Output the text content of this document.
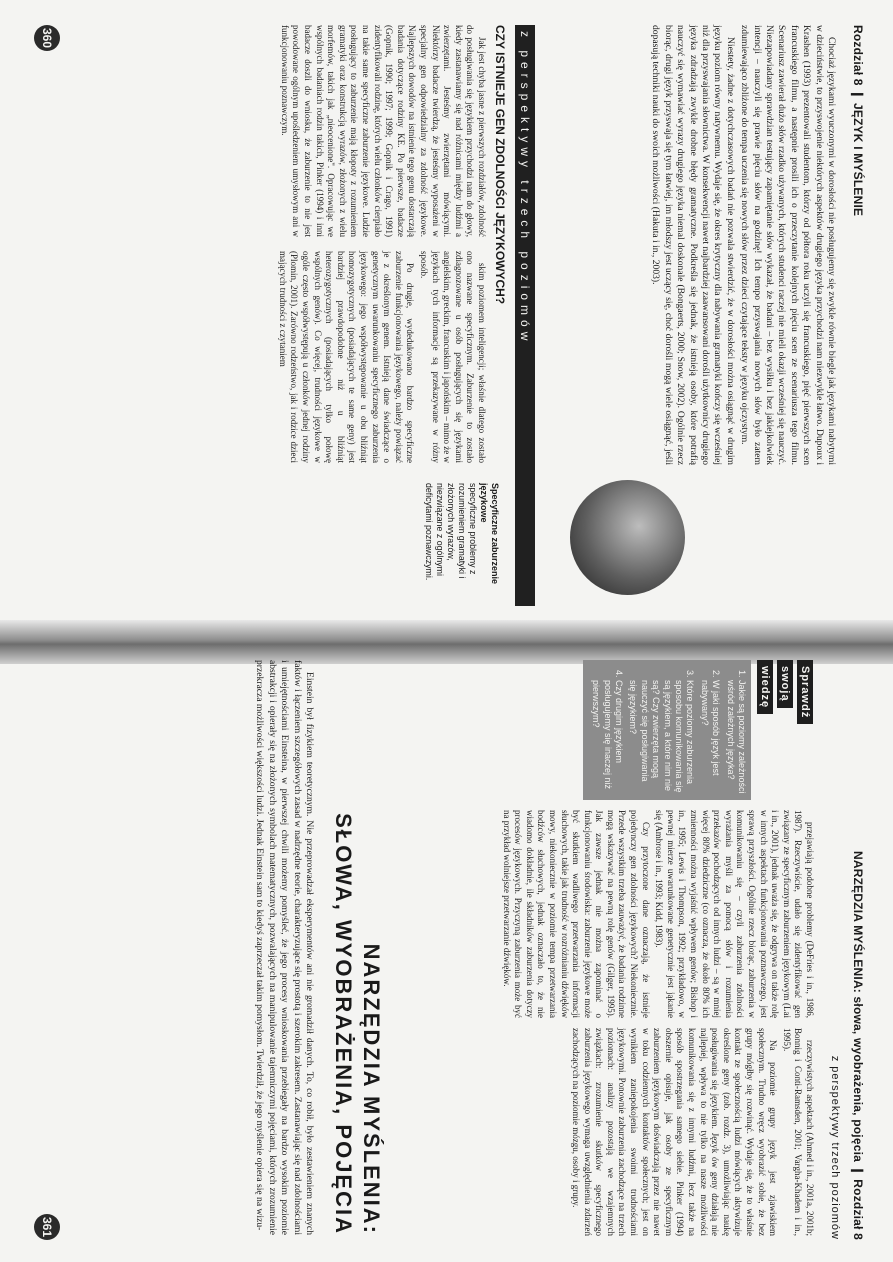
Rozdział 8 ❙ JĘZYK I MYŚLENIE

Chociaż językami wyuczonymi w dorosłości nie posługujemy się zwykle równie biegle jak językami nabytymi w dzieciństwie, to przyswojenie niektórych aspektów drugiego języka przychodzi nam niezwykle łatwo. Dupoux i Krashen (1993) prezentowali studentom, którzy od półtora roku uczyli się francuskiego, pięć pierwszych scen francuskiego filmu, a następnie prosili ich o przeczytanie kolejnych pięciu scen ze scenariusza tego filmu. Scenariusz zawierał dużo słów rzadko używanych, których studenci raczej nie mieli okazji wcześniej się nauczyć. Niezapowiadany sprawdzian testujący zapamiętanie słów wykazał, że badani – bez wysiłku i bez jakiejkolwiek intencji – nauczyli się prawie pięciu słów na godzinę! Ich tempo przyswajania nowych słów było zatem zdumiewająco zbliżone do tempa uczenia się nowych słów przez dzieci czytające teksty w języku ojczystym.

Niestety, żadne z dotychczasowych badań nie pozwala stwierdzić, że w dorosłości można osiągnąć w drugim języku poziom równy natywnemu. Wydaje się, że okres krytyczny dla nabywania gramatyki kończy się wcześniej niż dla przyswajania słownictwa. W konsekwencji nawet najbardziej zaawansowani dorośli użytkownicy drugiego języka zdradzają zwykle drobne błędy gramatyczne. Podkreśla się jednak, że istnieją osoby, które potrafią nauczyć się wymawiać wyrazy drugiego języka niemal doskonale (Bongaerts, 2000; Snow, 2002). Ogólnie rzecz biorąc, drugi język przyswaja się tym łatwiej, im młodszy jest uczący się, choć dorośli mogą wiele osiągnąć, jeśli dopasują techniki nauki do swoich możliwości (Hakuta i in., 2003).

z perspektywy trzech poziomów
CZY ISTNIEJE GEN ZDOLNOŚCI JĘZYKOWYCH?

Jak jest chyba jasne z pierwszych rozdziałów, zdolność do posługiwania się językiem przychodzi nam do głowy, kiedy zastanawiamy się nad różnicami między ludźmi a zwierzętami. Jesteśmy zwierzętami mówiącymi. Niektórzy badacze twierdzą, że jesteśmy wyposażeni w specjalny gen odpowiedzialny za zdolność językowe. Najlepszych dowodów na istnienie tego genu dostarczają badania dotyczące rodziny KE. Po pierwsze, badacze (Gopnik, 1990; 1997; 1999; Gopnik i Crago, 1991) zidentyfikowali rodzinę, których wielu członków cierpiało na takie same specyficzne zaburzenie językowe. Ludzie posługujący to zaburzenie mają kłopoty z rozumieniem gramatyki oraz konstrukcją wyrazów, złożonych z wielu morfemów, takich jak „nieocenione". Opracowując we wspólnych badaniach rodzin takich, Pinker (1994) i inni badacze doszli do wniosku, że zaburzenie to nie jest powodowane ogólnym upośledzeniem umysłowym ani w funkcjonowaniu poznawczym.

skim poziomem inteligencji; właśnie dlatego zostało ono nazwane specyficznym. Zaburzenie to zostało zdiagnozowane u osób posługujących się językami angielskim, greckim, francuskim i japońskim – mimo że w językach tych informacje są przekazywane w różny sposób.

Po drugie, wydedukowano bardzo specyficzne zaburzenie funkcjonowania językowego, należy powiązać je z określonym genem. Istnieją dane świadczące o genetycznym uwarunkowaniu specyficznego zaburzenia językowego: jego współwystępowanie u obu bliźniąt homozygotycznych (posiadających te same geny) jest bardziej prawdopodobne niż u bliźniąt heterozygotycznych (posiadających tylko połowę wspólnych genów). Co więcej, trudności językowe w ogóle często współwystępują u członków jednej rodziny (Plomin, 2001). Zarówno rodzeństwo, jak i rodzice dzieci mających trudności z czytaniem

Specyficzne zaburzenie językowe
specyficzne problemy z rozumieniem gramatyki i złożonych wyrazów, niezwiązane z ogólnymi deficytami poznawczymi.
360
NARZĘDZIA MYŚLENIA: słowa, wyobrażenia, pojęcia ❙ Rozdział 8
z perspektywy trzech poziomów
Sprawdź
swoją
wiedzę
1. Jakie są poziomy zależności wśród zależnych języka?
2. W jaki sposób język jest nabywany?
3. Które poziomy zaburzenia sposobu komunikowania się są językiem, a które nim nie są? Czy zwierzęta mogą nauczyć się posługiwania się językiem?
4. Czy drugim językiem posługujemy się inaczej niż pierwszym?

przejawiają podobne problemy (DeFries i in., 1986, 1987). Rzeczywiście, udało się zidentyfikować gen związany ze specyficznym zaburzeniem językowym (Lai i in., 2001), jednak uważa się, że odgrywa on także rolę w innych aspektach funkcjonowania poznawczego, jest sprawą przyszłości. Ogólnie rzecz biorąc, zaburzenia w komunikowaniu się – czyli zaburzenia zdolności wyrażania myśli za pomocą słów i rozumienia przekazów pochodzących od innych ludzi – są w mniej więcej 80% dziedziczne (co oznacza, że około 80% ich zmienności można wyjaśnić wpływem genów; Bishop i in., 1995; Lewis i Thompson, 1992; przykładowo, w pewnej mierze uwarunkowane genetycznie jest jąkanie się (Ambrose i in., 1993; Kidd, 1983).

Czy przytoczone dane oznaczają, że istnieje pojedynczy gen zdolności językowych? Niekoniecznie. Przede wszystkim trzeba zauważyć, że badania rodzinne mogą wskazywać na pewną rolę genów (Gilger, 1995). Jak zawsze jednak nie można zapominać o funkcjonowaniu środowiska: zaburzenie językowe może być skutkiem wadliwego przetwarzania informacji słuchowych, takie jak trudność w rozróżnianiu dźwięków mowy, niekoniecznie w poziomie tempa przetwarzania bodźców słuchowych, jednak oznaczało to, że nie wiadomo dokładnie, ile składników zaburzenia dotyczy procesów językowych. Przyczyną zaburzenia może być na przykład wolniejsze przetwarzanie dźwięków.

rzeczywistych aspektach (Ahmed i in., 2001a, 2001b; Bonnig i Conti-Ramsden, 2001; Vargha-Khadem i in., 1995).

Na poziomie grupy język jest zjawiskiem społecznym. Trudno wręcz wyobrazić sobie, że bez grupy mógłby się rozwinąć. Wydaje się, że to właśnie kontakt ze społecznością ludzi mówiących aktywizuje określone geny (zob. rozdz. 3), umożliwiając naukę posługiwania się językiem. Język ów geny działają nie najlepiej, wpływa to nie tylko na nasze możliwości komunikowania się z innymi ludźmi, lecz także na sposób spostrzegania samego siebie. Pinker (1994) obszernie opisuje, jak osoby ze specyficznym zaburzeniem językowym doświadczają przez nie nawet w toku codziennych kontaktów społecznych; jest on wynikiem zaniepokojenia swoimi trudnościami językowymi. Ponownie zaburzenia zachodzące na trzech poziomach: analizy pozostają we wzajemnych związkach: zrozumienie skutków specyficznego zaburzenia językowego wymaga uwzględnienia zdarzeń zachodzących na poziomie mózgu, osoby i grupy.

NARZĘDZIA MYŚLENIA:
SŁOWA, WYOBRAŻENIA, POJĘCIA

Einstein był fizykiem teoretycznym. Nie przeprowadzał eksperymentów ani nie gromadził danych. To, co robił, było zestawieniem znanych faktów i łączeniem szczegółowych zasad w nadrzędne teorie, charakteryzujące się prostotą i szerokim zakresem. Zastanawiając się nad zdolnościami i umiejętnościami Einsteina, w pierwszej chwili możemy pomyśleć, że jego procesy wnioskowania przebiegały na bardzo wysokim poziomie abstrakcji i opierały się na złożonych symbolach matematycznych, pozwalających na manipulowanie tajemniczymi pojęciami, których zrozumienie przekracza możliwości większości ludzi. Jednak Einstein sam to kiedyś zaprzeczał takim pomysłom. Twierdził, że jego myślenie opiera się na wizu-

361
